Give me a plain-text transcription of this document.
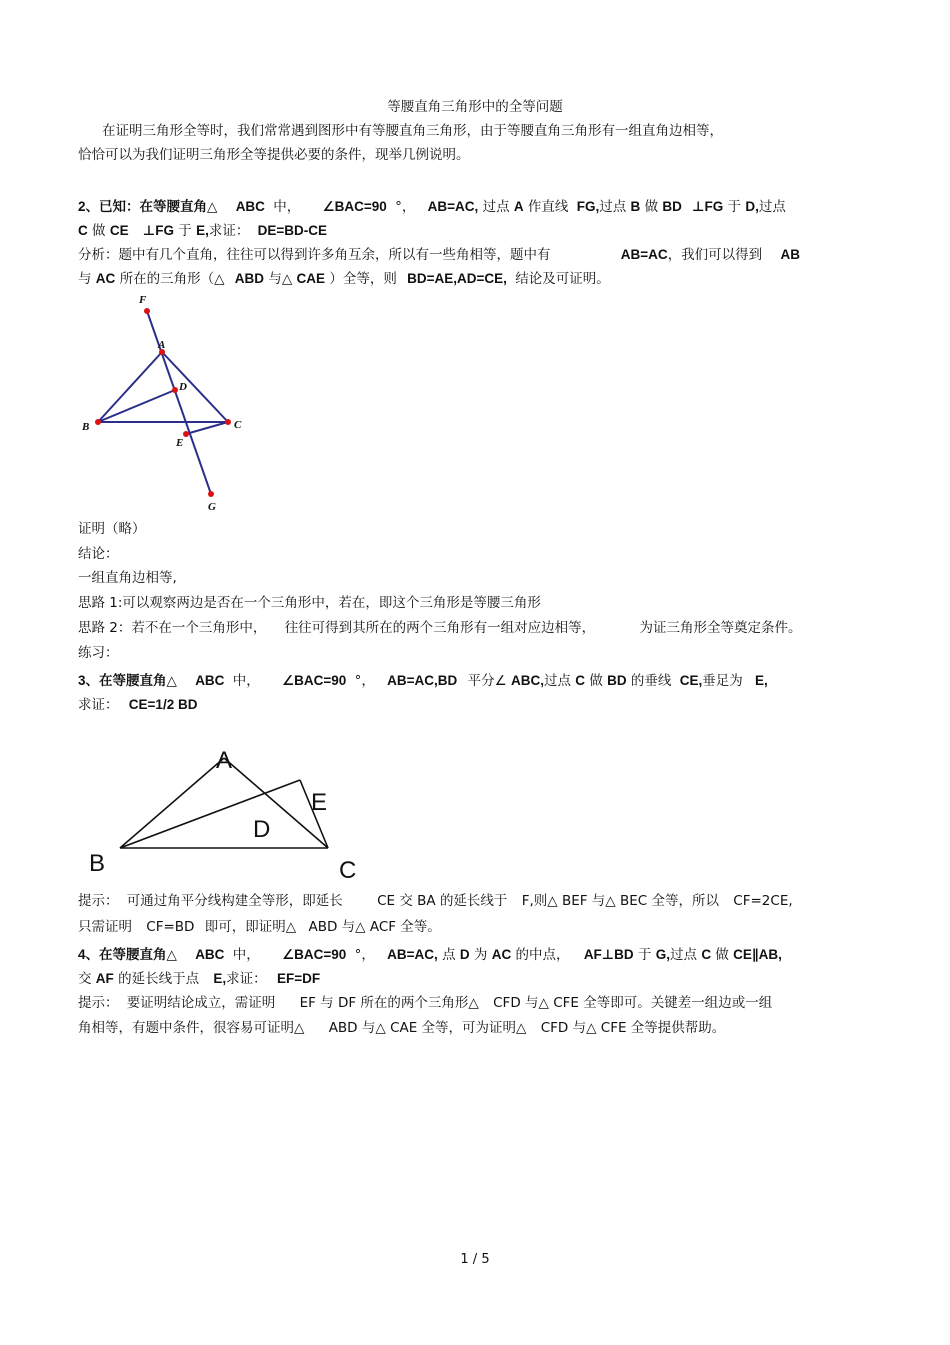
等腰直角三角形中的全等问题
在证明三角形全等时，我们常常遇到图形中有等腰直角三角形，由于等腰直角三角形有一组直角边相等，
恰恰可以为我们证明三角形全等提供必要的条件，现举几例说明。
2、已知：在等腰直角△ ABC 中， ∠BAC=90 °， AB=AC, 过点 A 作直线 FG,过点 B 做 BD ⊥FG 于 D,过点
C 做 CE ⊥FG 于 E,求证： DE=BD-CE
分析：题中有几个直角，往往可以得到许多角互余，所以有一些角相等，题中有	AB=AC，我们可以得到 AB
与 AC 所在的三角形（△ ABD 与△ CAE ）全等，则 BD=AE,AD=CE, 结论及可证明。
F
A
D
B	C
E
G
证明（略）
结论：
一组直角边相等,
思路 1:可以观察两边是否在一个三角形中，若在，即这个三角形是等腰三角形
思路 2：若不在一个三角形中， 往往可得到其所在的两个三角形有一组对应边相等，	为证三角形全等奠定条件。
练习：
3、在等腰直角△ ABC 中， ∠BAC=90 °， AB=AC,BD 平分∠ ABC,过点 C 做 BD 的垂线 CE,垂足为 E,
求证： CE=1/2 BD
A
E
D
B	C
提示： 可通过角平分线构建全等形，即延长	CE 交 BA 的延长线于 F,则△ BEF 与△ BEC 全等，所以 CF=2CE,
只需证明 CF=BD 即可，即证明△ ABD 与△ ACF 全等。
4、在等腰直角△ ABC 中， ∠BAC=90 °， AB=AC, 点 D 为 AC 的中点， AF⊥BD 于 G,过点 C 做 CE∥AB,
交 AF 的延长线于点 E,求证： EF=DF
提示： 要证明结论成立，需证明 EF 与 DF 所在的两个三角形△ CFD 与△ CFE 全等即可。关键差一组边或一组
角相等，有题中条件，很容易可证明△ ABD 与△ CAE 全等，可为证明△ CFD 与△ CFE 全等提供帮助。
1 / 5
